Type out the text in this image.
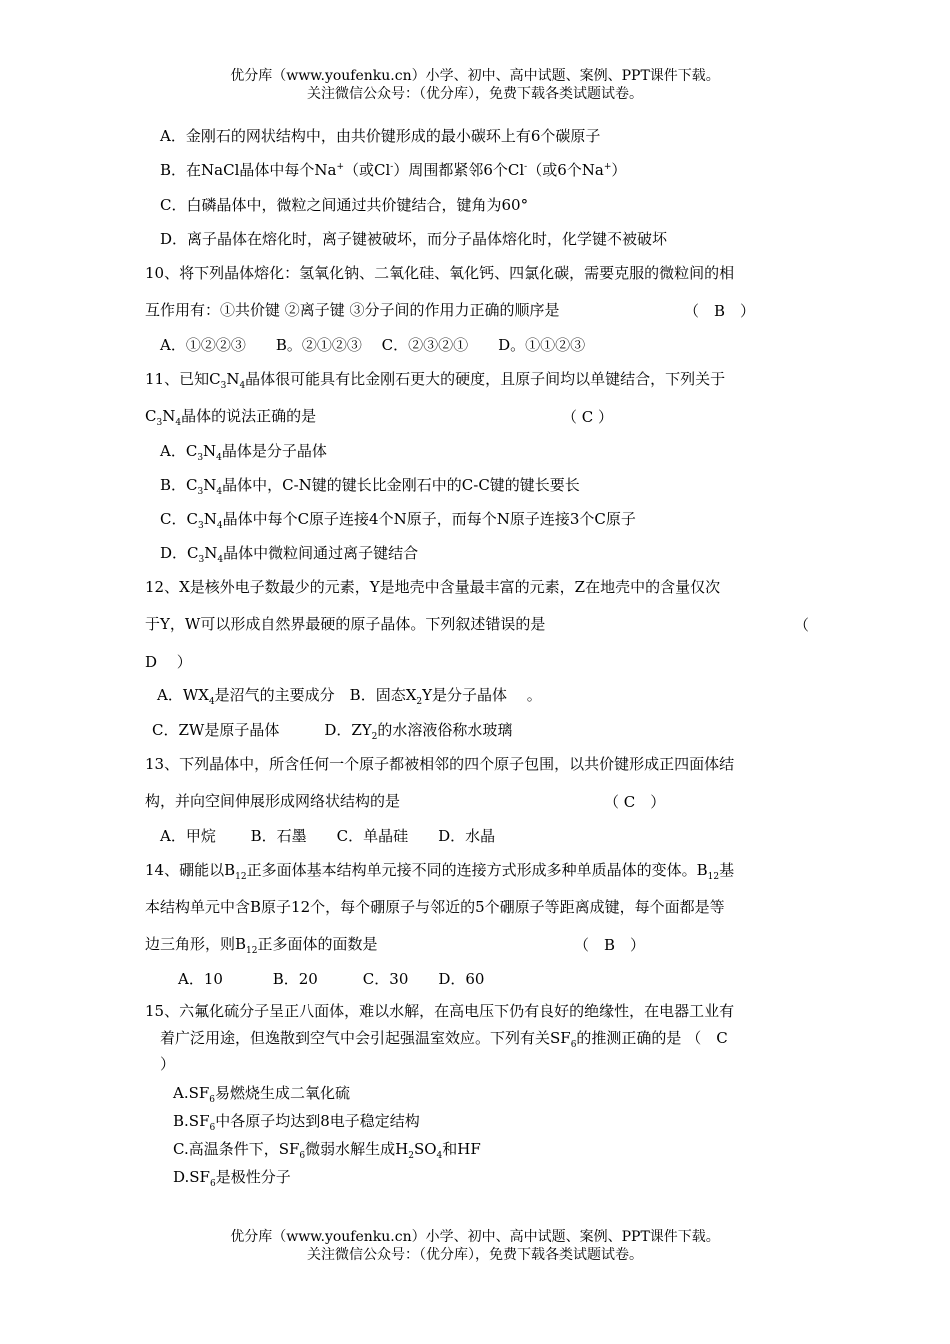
优分库（www.youfenku.cn）小学、初中、高中试题、案例、PPT课件下载。
关注微信公众号：（优分库），免费下载各类试题试卷。
A．金刚石的网状结构中，由共价键形成的最小碳环上有6个碳原子
B．在NaCl晶体中每个Na+（或Cl-）周围都紧邻6个Cl-（或6个Na+）
C．白磷晶体中，微粒之间通过共价键结合，键角为60°
D．离子晶体在熔化时，离子键被破坏，而分子晶体熔化时，化学键不被破坏
10、将下列晶体熔化：氢氧化钠、二氧化硅、氧化钙、四氯化碳，需要克服的微粒间的相
互作用有：①共价键 ②离子键 ③分子间的作用力正确的顺序是	（　B　）
A．①②②③　　B。②①②③　 C．②③②①　　D。①①②③
11、已知$C_3N_4$晶体很可能具有比金刚石更大的硬度，且原子间均以单键结合，下列关于
$C_3N_4$晶体的说法正确的是	（ C ）
A．$C_3N_4$晶体是分子晶体
B．$C_3N_4$晶体中，C-N键的键长比金刚石中的C-C键的键长要长
C．$C_3N_4$晶体中每个C原子连接4个N原子，而每个N原子连接3个C原子
D．$C_3N_4$晶体中微粒间通过离子键结合
12、X是核外电子数最少的元素，Y是地壳中含量最丰富的元素，Z在地壳中的含量仅次
于Y，W可以形成自然界最硬的原子晶体。下列叙述错误的是	（
D　 ）
A．$WX_4$是沼气的主要成分　B．固态$X_2Y$是分子晶体　 。
C．ZW是原子晶体　　　D．$ZY_2$的水溶液俗称水玻璃
13、下列晶体中，所含任何一个原子都被相邻的四个原子包围，以共价键形成正四面体结
构，并向空间伸展形成网络状结构的是	（ C　）
A．甲烷　　 B．石墨　　C．单晶硅　　D．水晶
14、硼能以$B_{12}$正多面体基本结构单元接不同的连接方式形成多种单质晶体的变体。$B_{12}$基
本结构单元中含B原子12个，每个硼原子与邻近的5个硼原子等距离成键，每个面都是等
边三角形，则$B_{12}$正多面体的面数是	（　B　）
A．10　　　 B．20　　　C．30　　D．60
15、六氟化硫分子呈正八面体，难以水解，在高电压下仍有良好的绝缘性，在电器工业有
着广泛用途，但逸散到空气中会引起强温室效应。下列有关$SF_6$的推测正确的是 （　C
）
$A.SF_6$易燃烧生成二氧化硫
$B.SF_6$中各原子均达到8电子稳定结构
C.高温条件下，$SF_6$微弱水解生成$H_2SO_4$和HF
$D.SF_6$是极性分子
优分库（www.youfenku.cn）小学、初中、高中试题、案例、PPT课件下载。
关注微信公众号：（优分库），免费下载各类试题试卷。
